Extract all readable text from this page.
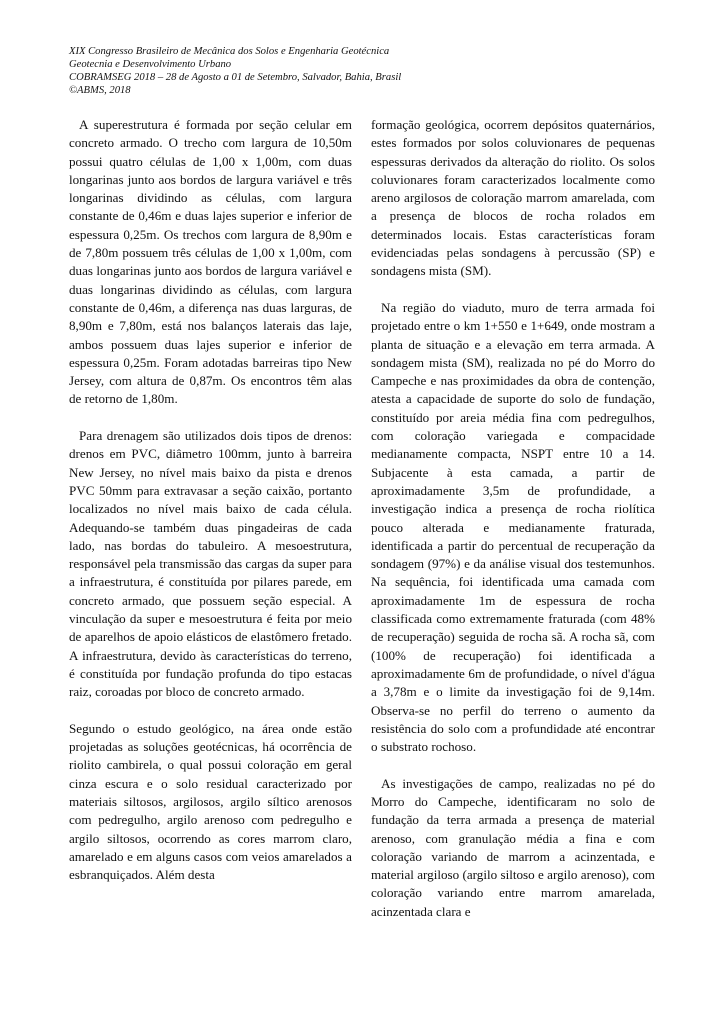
XIX Congresso Brasileiro de Mecânica dos Solos e Engenharia Geotécnica
Geotecnia e Desenvolvimento Urbano
COBRAMSEG 2018 – 28 de Agosto a 01 de Setembro, Salvador, Bahia, Brasil
©ABMS, 2018

A superestrutura é formada por seção celular em concreto armado. O trecho com largura de 10,50m possui quatro células de 1,00 x 1,00m, com duas longarinas junto aos bordos de largura variável e três longarinas dividindo as células, com largura constante de 0,46m e duas lajes superior e inferior de espessura 0,25m. Os trechos com largura de 8,90m e de 7,80m possuem três células de 1,00 x 1,00m, com duas longarinas junto aos bordos de largura variável e duas longarinas dividindo as células, com largura constante de 0,46m, a diferença nas duas larguras, de 8,90m e 7,80m, está nos balanços laterais das laje, ambos possuem duas lajes superior e inferior de espessura 0,25m. Foram adotadas barreiras tipo New Jersey, com altura de 0,87m. Os encontros têm alas de retorno de 1,80m.

Para drenagem são utilizados dois tipos de drenos: drenos em PVC, diâmetro 100mm, junto à barreira New Jersey, no nível mais baixo da pista e drenos PVC 50mm para extravasar a seção caixão, portanto localizados no nível mais baixo de cada célula. Adequando-se também duas pingadeiras de cada lado, nas bordas do tabuleiro. A mesoestrutura, responsável pela transmissão das cargas da super para a infraestrutura, é constituída por pilares parede, em concreto armado, que possuem seção especial. A vinculação da super e mesoestrutura é feita por meio de aparelhos de apoio elásticos de elastômero fretado. A infraestrutura, devido às características do terreno, é constituída por fundação profunda do tipo estacas raiz, coroadas por bloco de concreto armado.

Segundo o estudo geológico, na área onde estão projetadas as soluções geotécnicas, há ocorrência de riolito cambirela, o qual possui coloração em geral cinza escura e o solo residual caracterizado por materiais siltosos, argilosos, argilo síltico arenosos com pedregulho, argilo arenoso com pedregulho e argilo siltosos, ocorrendo as cores marrom claro, amarelado e em alguns casos com veios amarelados a esbranquiçados. Além desta

formação geológica, ocorrem depósitos quaternários, estes formados por solos coluvionares de pequenas espessuras derivados da alteração do riolito. Os solos coluvionares foram caracterizados localmente como areno argilosos de coloração marrom amarelada, com a presença de blocos de rocha rolados em determinados locais. Estas características foram evidenciadas pelas sondagens à percussão (SP) e sondagens mista (SM).

Na região do viaduto, muro de terra armada foi projetado entre o km 1+550 e 1+649, onde mostram a planta de situação e a elevação em terra armada. A sondagem mista (SM), realizada no pé do Morro do Campeche e nas proximidades da obra de contenção, atesta a capacidade de suporte do solo de fundação, constituído por areia média fina com pedregulhos, com coloração variegada e compacidade medianamente compacta, NSPT entre 10 a 14. Subjacente à esta camada, a partir de aproximadamente 3,5m de profundidade, a investigação indica a presença de rocha riolítica pouco alterada e medianamente fraturada, identificada a partir do percentual de recuperação da sondagem (97%) e da análise visual dos testemunhos. Na sequência, foi identificada uma camada com aproximadamente 1m de espessura de rocha classificada como extremamente fraturada (com 48% de recuperação) seguida de rocha sã. A rocha sã, com (100% de recuperação) foi identificada a aproximadamente 6m de profundidade, o nível d'água a 3,78m e o limite da investigação foi de 9,14m. Observa-se no perfil do terreno o aumento da resistência do solo com a profundidade até encontrar o substrato rochoso.

As investigações de campo, realizadas no pé do Morro do Campeche, identificaram no solo de fundação da terra armada a presença de material arenoso, com granulação média a fina e com coloração variando de marrom a acinzentada, e material argiloso (argilo siltoso e argilo arenoso), com coloração variando entre marrom amarelada, acinzentada clara e
